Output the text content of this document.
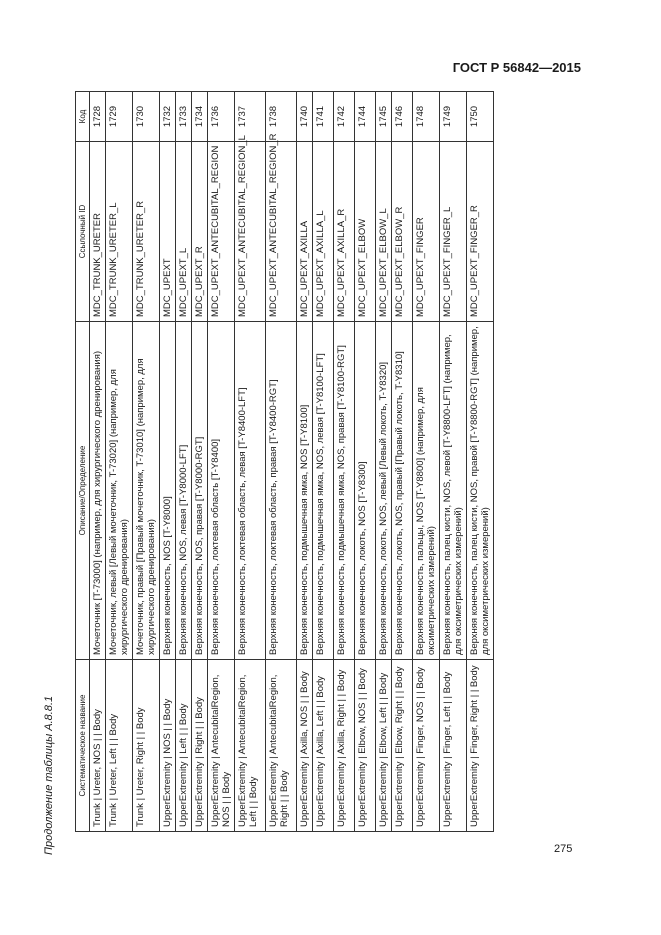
ГОСТ Р 56842—2015
Продолжение таблицы А.8.8.1	Систематическое название	Описание/Определение	Ссылочный ID	Код
Trunk | Ureter, NOS | | Body	Мочеточник [T-73000] (например, для хирургического дренирования)	MDC_TRUNK_URETER	1728
Trunk | Ureter, Left | | Body	Мочеточник, левый [Левый мочеточник, T-73020] (например, для хирургического дренирования)	MDC_TRUNK_URETER_L	1729
Trunk | Ureter, Right | | Body	Мочеточник, правый [Правый мочеточник, T-73010] (например, для хирургического дренирования)	MDC_TRUNK_URETER_R	1730
UpperExtremity | NOS | | Body	Верхняя конечность, NOS [T-Y8000]	MDC_UPEXT	1732
UpperExtremity | Left | | Body	Верхняя конечность, NOS, левая [T-Y8000-LFT]	MDC_UPEXT_L	1733
UpperExtremity | Right | | Body	Верхняя конечность, NOS, правая [T-Y8000-RGT]	MDC_UPEXT_R	1734
UpperExtremity | AntecubitalRegion, NOS | | Body	Верхняя конечность, локтевая область [T-Y8400]	MDC_UPEXT_ANTECUBITAL_REGION	1736
UpperExtremity | AntecubitalRegion, Left | | Body	Верхняя конечность, локтевая область, левая [T-Y8400-LFT]	MDC_UPEXT_ANTECUBITAL_REGION_L	1737
UpperExtremity | AntecubitalRegion, Right | | Body	Верхняя конечность, локтевая область, правая [T-Y8400-RGT]	MDC_UPEXT_ANTECUBITAL_REGION_R	1738
UpperExtremity | Axilla, NOS | | Body	Верхняя конечность, подмышечная ямка, NOS [T-Y8100]	MDC_UPEXT_AXILLA	1740
UpperExtremity | Axilla, Left | | Body	Верхняя конечность, подмышечная ямка, NOS, левая [T-Y8100-LFT]	MDC_UPEXT_AXILLA_L	1741
UpperExtremity | Axilla, Right | | Body	Верхняя конечность, подмышечная ямка, NOS, правая [T-Y8100-RGT]	MDC_UPEXT_AXILLA_R	1742
UpperExtremity | Elbow, NOS | | Body	Верхняя конечность, локоть, NOS [T-Y8300]	MDC_UPEXT_ELBOW	1744
UpperExtremity | Elbow, Left | | Body	Верхняя конечность, локоть, NOS, левый [Левый локоть, T-Y8320]	MDC_UPEXT_ELBOW_L	1745
UpperExtremity | Elbow, Right | | Body	Верхняя конечность, локоть, NOS, правый [Правый локоть, T-Y8310]	MDC_UPEXT_ELBOW_R	1746
UpperExtremity | Finger, NOS | | Body	Верхняя конечность, пальцы, NOS [T-Y8800] (например, для оксиметрических измерений)	MDC_UPEXT_FINGER	1748
UpperExtremity | Finger, Left | | Body	Верхняя конечность, палец кисти, NOS, левой [T-Y8800-LFT] (например, для оксиметрических измерений)	MDC_UPEXT_FINGER_L	1749
UpperExtremity | Finger, Right | | Body	Верхняя конечность, палец кисти, NOS, правой [T-Y8800-RGT] (например, для оксиметрических измерений)	MDC_UPEXT_FINGER_R	1750
275
